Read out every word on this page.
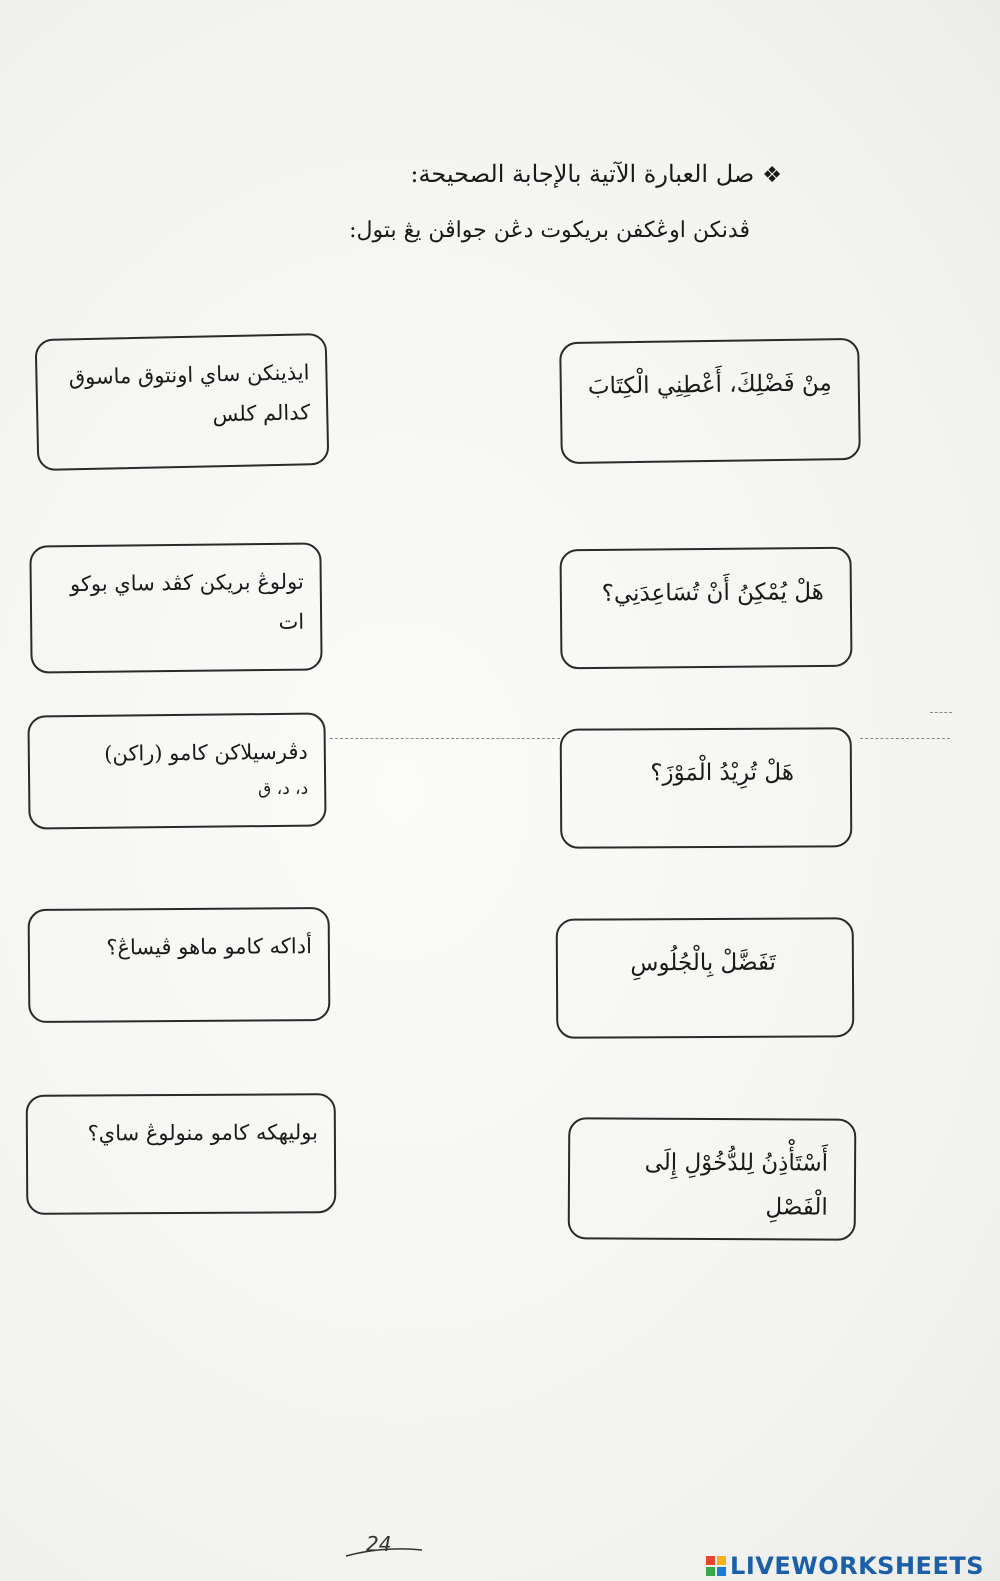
❖صل العبارة الآتية بالإجابة الصحيحة:
ڤدنكن اوڠكفن بريكوت دڠن جواڤن يڠ بتول:
ايذينكن ساي اونتوق ماسوق
كدالم كلس
تولوڠ بريكن كڤد ساي بوكو
ات
دڤرسيلاكن كامو (راكن)
د، د، ق
أداكه كامو ماهو ڤيساڠ؟
بوليهكه كامو منولوڠ ساي؟
مِنْ فَضْلِكَ، أَعْطِنِي الْكِتَابَ
هَلْ يُمْكِنُ أَنْ تُسَاعِدَنِي؟
هَلْ تُرِيْدُ الْمَوْزَ؟
تَفَضَّلْ بِالْجُلُوسِ
أَسْتَأْذِنُ لِلدُّخُوْلِ إِلَى الْفَصْلِ
24
LIVEWORKSHEETS
